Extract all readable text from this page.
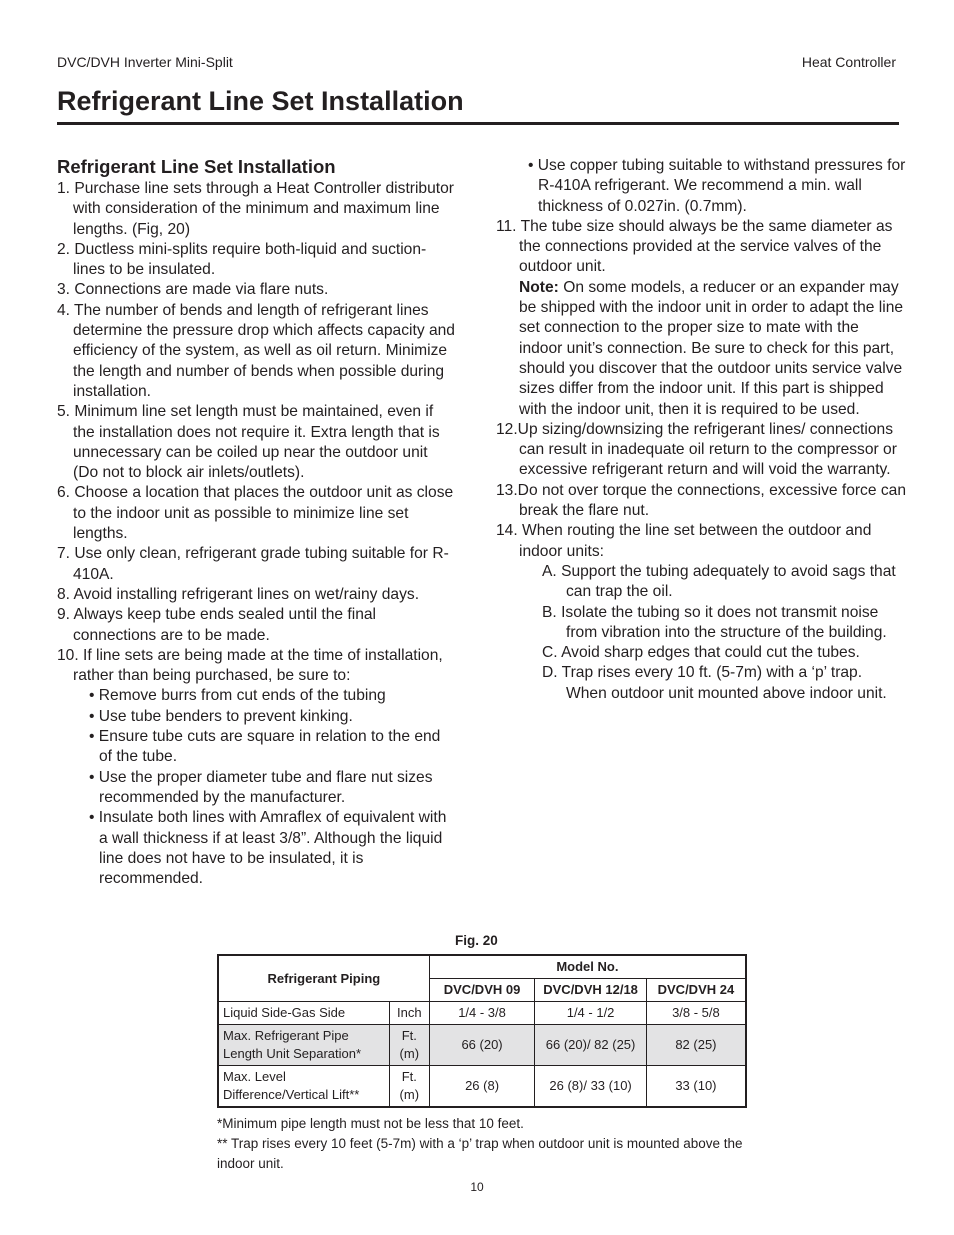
DVC/DVH Inverter Mini-Split	Heat Controller
Refrigerant Line Set Installation

Refrigerant Line Set Installation

1. Purchase line sets through a Heat Controller distributor with consideration of the minimum and maximum line lengths. (Fig, 20)

2. Ductless mini-splits require both-liquid and suction-lines to be insulated.

3. Connections are made via flare nuts.

4. The number of bends and length of refrigerant lines determine the pressure drop which affects capacity and efficiency of the system, as well as oil return. Minimize the length and number of bends when possible during installation.

5. Minimum line set length must be maintained, even if the installation does not require it. Extra length that is unnecessary can be coiled up near the outdoor unit (Do not to block air inlets/outlets).

6. Choose a location that places the outdoor unit as close to the indoor unit as possible to minimize line set lengths.

7. Use only clean, refrigerant grade tubing suitable for R-410A.

8. Avoid installing refrigerant lines on wet/rainy days.

9. Always keep tube ends sealed until the final connections are to be made.

10. If line sets are being made at the time of installation, rather than being purchased, be sure to:

• Remove burrs from cut ends of the tubing

• Use tube benders to prevent kinking.

• Ensure tube cuts are square in relation to the end of the tube.

• Use the proper diameter tube and flare nut sizes recommended by the manufacturer.

• Insulate both lines with Amraflex of equivalent with a wall thickness if at least 3/8”. Although the liquid line does not have to be insulated, it is recommended.

• Use copper tubing suitable to withstand pressures for R-410A refrigerant. We recommend a min. wall thickness of 0.027in. (0.7mm).

11. The tube size should always be the same diameter as the connections provided at the service valves of the outdoor unit.

Note: On some models, a reducer or an expander may be shipped with the indoor unit in order to adapt the line set connection to the proper size to mate with the indoor unit’s connection. Be sure to check for this part, should you discover that the outdoor units service valve sizes differ from the indoor unit. If this part is shipped with the indoor unit, then it is required to be used.

12.Up sizing/downsizing the refrigerant lines/ connections can result in inadequate oil return to the compressor or excessive refrigerant return and will void the warranty.

13.Do not over torque the connections, excessive force can break the flare nut.

14. When routing the line set between the outdoor and indoor units:

A. Support the tubing adequately to avoid sags that can trap the oil.

B. Isolate the tubing so it does not transmit noise from vibration into the structure of the building.

C. Avoid sharp edges that could cut the tubes.

D. Trap rises every 10 ft. (5-7m) with a ‘p’ trap. When outdoor unit mounted above indoor unit.

Fig. 20
Refrigerant Piping		Model No.		
		DVC/DVH 09	DVC/DVH 12/18	DVC/DVH 24
Liquid Side-Gas Side	Inch	1/4 - 3/8	1/4 - 1/2	3/8 - 5/8
Max. Refrigerant Pipe Length Unit Separation*	Ft. (m)	66 (20)	66 (20)/ 82 (25)	82 (25)
Max. Level Difference/Vertical Lift**	Ft. (m)	26 (8)	26 (8)/ 33 (10)	33 (10)
*Minimum pipe length must not be less that 10 feet.
** Trap rises every 10 feet (5-7m) with a ‘p’ trap when outdoor unit is mounted above the indoor unit.
10
